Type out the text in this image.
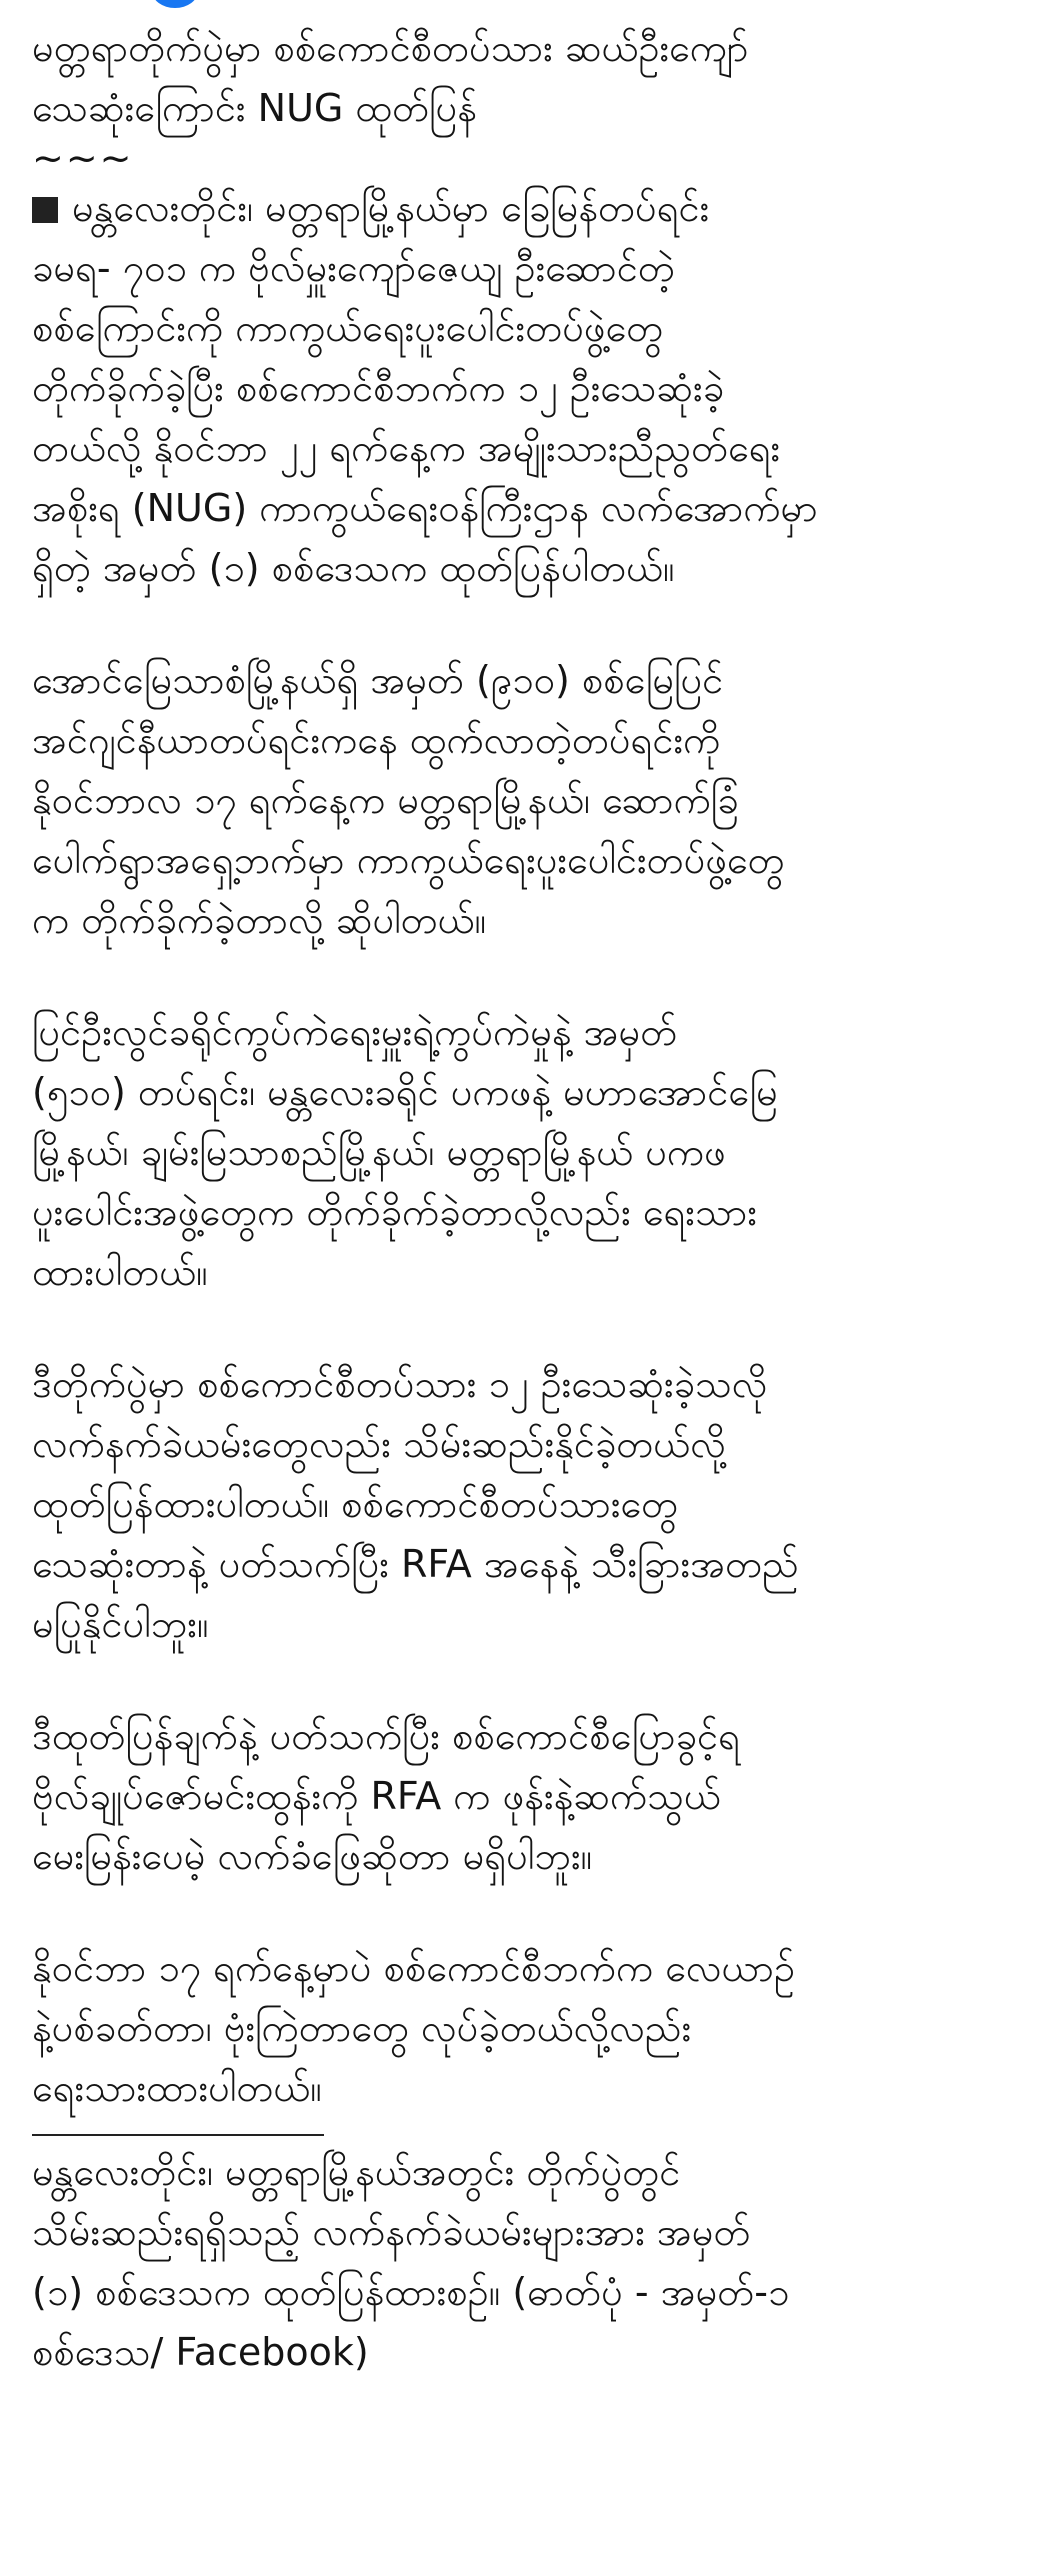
မတ္တရာတိုက်ပွဲမှာ စစ်ကောင်စီတပ်သား ဆယ်ဦးကျော်
သေဆုံးကြောင်း NUG ထုတ်ပြန်
~~~
မန္တလေးတိုင်း၊ မတ္တရာမြို့နယ်မှာ ခြေမြန်တပ်ရင်း
ခမရ- ၇၀၁ က ဗိုလ်မှူးကျော်ဇေယျ ဦးဆောင်တဲ့
စစ်ကြောင်းကို ကာကွယ်ရေးပူးပေါင်းတပ်ဖွဲ့တွေ
တိုက်ခိုက်ခဲ့ပြီး စစ်ကောင်စီဘက်က ၁၂ ဦးသေဆုံးခဲ့
တယ်လို့ နိုဝင်ဘာ ၂၂ ရက်နေ့က အမျိုးသားညီညွတ်ရေး
အစိုးရ (NUG) ကာကွယ်ရေးဝန်ကြီးဌာန လက်အောက်မှာ
ရှိတဲ့ အမှတ် (၁) စစ်ဒေသက ထုတ်ပြန်ပါတယ်။
အောင်မြေသာစံမြို့နယ်ရှိ အမှတ် (၉၁၀) စစ်မြေပြင်
အင်ဂျင်နီယာတပ်ရင်းကနေ ထွက်လာတဲ့တပ်ရင်းကို
နိုဝင်ဘာလ ၁၇ ရက်နေ့က မတ္တရာမြို့နယ်၊ ဆောက်ခြံ
ပေါက်ရွာအရှေ့ဘက်မှာ ကာကွယ်ရေးပူးပေါင်းတပ်ဖွဲ့တွေ
က တိုက်ခိုက်ခဲ့တာလို့ ဆိုပါတယ်။
ပြင်ဦးလွင်ခရိုင်ကွပ်ကဲရေးမှူးရဲ့ကွပ်ကဲမှုနဲ့ အမှတ်
(၅၁၀) တပ်ရင်း၊ မန္တလေးခရိုင် ပကဖနဲ့ မဟာအောင်မြေ
မြို့နယ်၊ ချမ်းမြသာစည်မြို့နယ်၊ မတ္တရာမြို့နယ် ပကဖ
ပူးပေါင်းအဖွဲ့တွေက တိုက်ခိုက်ခဲ့တာလို့လည်း ရေးသား
ထားပါတယ်။
ဒီတိုက်ပွဲမှာ စစ်ကောင်စီတပ်သား ၁၂ ဦးသေဆုံးခဲ့သလို
လက်နက်ခဲယမ်းတွေလည်း သိမ်းဆည်းနိုင်ခဲ့တယ်လို့
ထုတ်ပြန်ထားပါတယ်။ စစ်ကောင်စီတပ်သားတွေ
သေဆုံးတာနဲ့ ပတ်သက်ပြီး RFA အနေနဲ့ သီးခြားအတည်
မပြုနိုင်ပါဘူး။
ဒီထုတ်ပြန်ချက်နဲ့ ပတ်သက်ပြီး စစ်ကောင်စီပြောခွင့်ရ
ဗိုလ်ချုပ်ဇော်မင်းထွန်းကို RFA က ဖုန်းနဲ့ဆက်သွယ်
မေးမြန်းပေမဲ့ လက်ခံဖြေဆိုတာ မရှိပါဘူး။
နိုဝင်ဘာ ၁၇ ရက်နေ့မှာပဲ စစ်ကောင်စီဘက်က လေယာဉ်
နဲ့ပစ်ခတ်တာ၊ ဗုံးကြဲတာတွေ လုပ်ခဲ့တယ်လို့လည်း
ရေးသားထားပါတယ်။
မန္တလေးတိုင်း၊ မတ္တရာမြို့နယ်အတွင်း တိုက်ပွဲတွင်
သိမ်းဆည်းရရှိသည့် လက်နက်ခဲယမ်းများအား အမှတ်
(၁) စစ်ဒေသက ထုတ်ပြန်ထားစဉ်။ (ဓာတ်ပုံ - အမှတ်-၁
စစ်ဒေသ/ Facebook)
